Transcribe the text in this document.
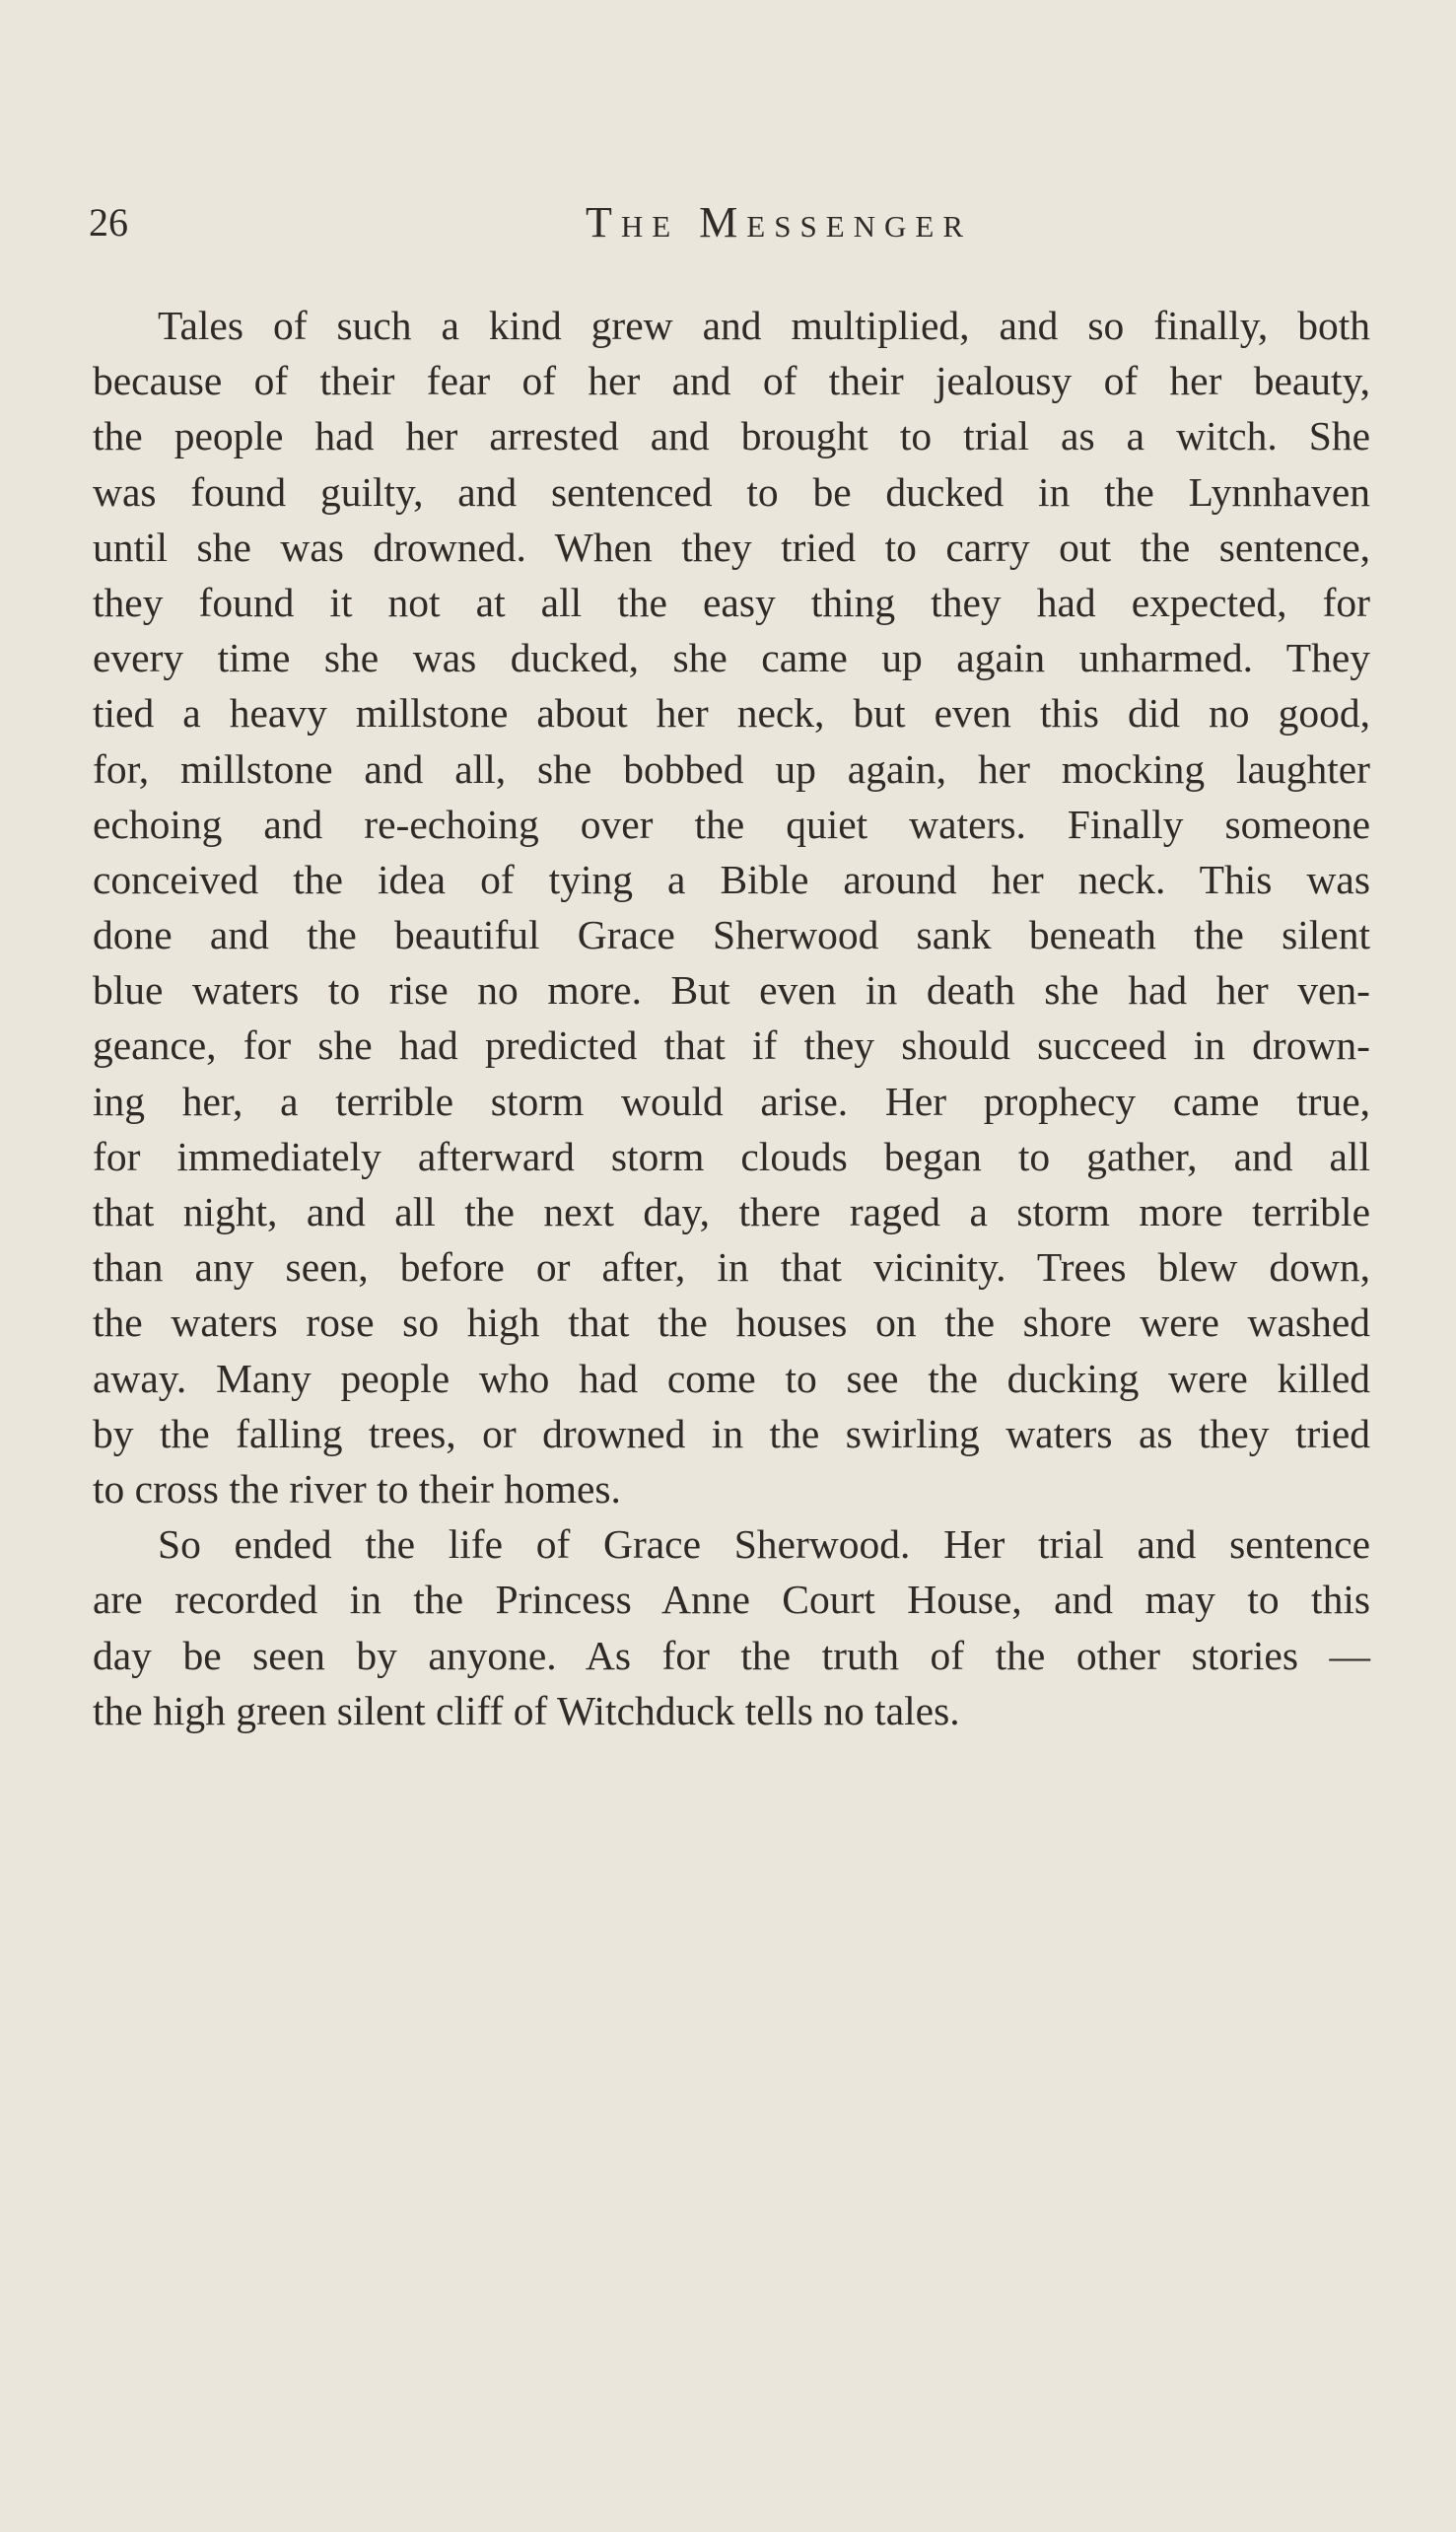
26	The Messenger

Tales of such a kind grew and multiplied, and so finally, both
because of their fear of her and of their jealousy of her beauty,
the people had her arrested and brought to trial as a witch. She
was found guilty, and sentenced to be ducked in the Lynnhaven
until she was drowned. When they tried to carry out the sentence,
they found it not at all the easy thing they had expected, for
every time she was ducked, she came up again unharmed. They
tied a heavy millstone about her neck, but even this did no good,
for, millstone and all, she bobbed up again, her mocking laughter
echoing and re-echoing over the quiet waters. Finally someone
conceived the idea of tying a Bible around her neck. This was
done and the beautiful Grace Sherwood sank beneath the silent
blue waters to rise no more. But even in death she had her ven-
geance, for she had predicted that if they should succeed in drown-
ing her, a terrible storm would arise. Her prophecy came true,
for immediately afterward storm clouds began to gather, and all
that night, and all the next day, there raged a storm more terrible
than any seen, before or after, in that vicinity. Trees blew down,
the waters rose so high that the houses on the shore were washed
away. Many people who had come to see the ducking were killed
by the falling trees, or drowned in the swirling waters as they tried
to cross the river to their homes.

So ended the life of Grace Sherwood. Her trial and sentence
are recorded in the Princess Anne Court House, and may to this
day be seen by anyone. As for the truth of the other stories —
the high green silent cliff of Witchduck tells no tales.
